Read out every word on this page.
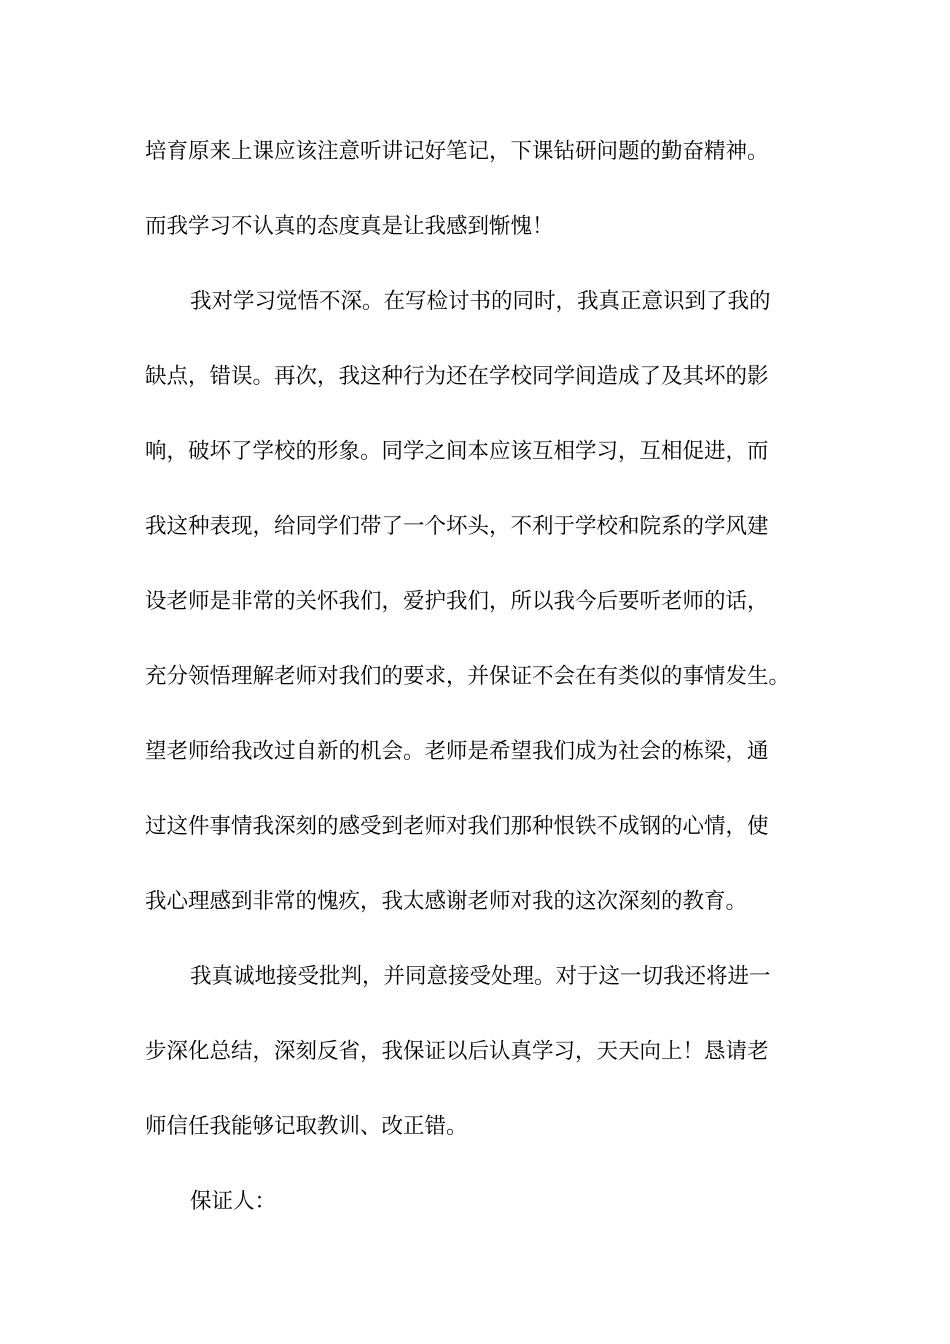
培育原来上课应该注意听讲记好笔记，下课钻研问题的勤奋精神。
而我学习不认真的态度真是让我感到惭愧！
我对学习觉悟不深。在写检讨书的同时，我真正意识到了我的
缺点，错误。再次，我这种行为还在学校同学间造成了及其坏的影
响，破坏了学校的形象。同学之间本应该互相学习，互相促进，而
我这种表现，给同学们带了一个坏头，不利于学校和院系的学风建
设老师是非常的关怀我们，爱护我们，所以我今后要听老师的话，
充分领悟理解老师对我们的要求，并保证不会在有类似的事情发生。
望老师给我改过自新的机会。老师是希望我们成为社会的栋梁，通
过这件事情我深刻的感受到老师对我们那种恨铁不成钢的心情，使
我心理感到非常的愧疚，我太感谢老师对我的这次深刻的教育。
我真诚地接受批判，并同意接受处理。对于这一切我还将进一
步深化总结，深刻反省，我保证以后认真学习，天天向上！恳请老
师信任我能够记取教训、改正错。
保证人：
